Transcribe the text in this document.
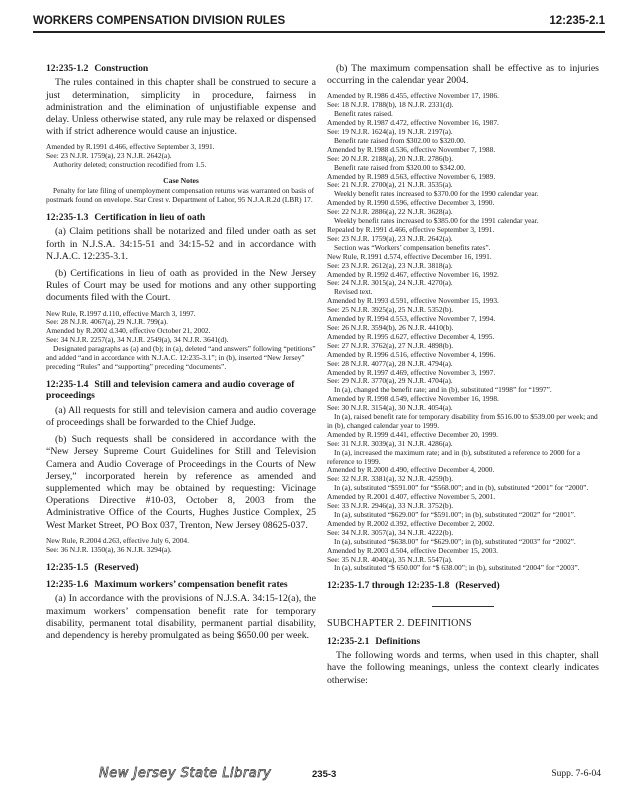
WORKERS COMPENSATION DIVISION RULES	12:235-2.1
12:235-1.2 Construction

The rules contained in this chapter shall be construed to secure a just determination, simplicity in procedure, fairness in administration and the elimination of unjustifiable expense and delay. Unless otherwise stated, any rule may be relaxed or dispensed with if strict adherence would cause an injustice.

Amended by R.1991 d.466, effective September 3, 1991.

See: 23 N.J.R. 1759(a), 23 N.J.R. 2642(a).

Authority deleted; construction recodified from 1.5.

Case Notes

Penalty for late filing of unemployment compensation returns was warranted on basis of postmark found on envelope. Star Crest v. Department of Labor, 95 N.J.A.R.2d (LBR) 17.

12:235-1.3 Certification in lieu of oath

(a) Claim petitions shall be notarized and filed under oath as set forth in N.J.S.A. 34:15-51 and 34:15-52 and in accordance with N.J.A.C. 12:235-3.1.

(b) Certifications in lieu of oath as provided in the New Jersey Rules of Court may be used for motions and any other supporting documents filed with the Court.

New Rule, R.1997 d.110, effective March 3, 1997.

See: 28 N.J.R. 4067(a), 29 N.J.R. 799(a).

Amended by R.2002 d.340, effective October 21, 2002.

See: 34 N.J.R. 2257(a), 34 N.J.R. 2549(a), 34 N.J.R. 3641(d).

Designated paragraphs as (a) and (b); in (a), deleted “and answers” following “petitions” and added “and in accordance with N.J.A.C. 12:235-3.1”; in (b), inserted “New Jersey” preceding “Rules” and “supporting” preceding “documents”.

12:235-1.4 Still and television camera and audio coverage of proceedings

(a) All requests for still and television camera and audio coverage of proceedings shall be forwarded to the Chief Judge.

(b) Such requests shall be considered in accordance with the “New Jersey Supreme Court Guidelines for Still and Television Camera and Audio Coverage of Proceedings in the Courts of New Jersey,” incorporated herein by reference as amended and supplemented which may be obtained by requesting: Vicinage Operations Directive #10-03, October 8, 2003 from the Administrative Office of the Courts, Hughes Justice Complex, 25 West Market Street, PO Box 037, Trenton, New Jersey 08625-037.

New Rule, R.2004 d.263, effective July 6, 2004.

See: 36 N.J.R. 1350(a), 36 N.J.R. 3294(a).

12:235-1.5 (Reserved)
12:235-1.6 Maximum workers’ compensation benefit rates

(a) In accordance with the provisions of N.J.S.A. 34:15-12(a), the maximum workers’ compensation benefit rate for temporary disability, permanent total disability, permanent partial disability, and dependency is hereby promulgated as being $650.00 per week.

(b) The maximum compensation shall be effective as to injuries occurring in the calendar year 2004.

Amended by R.1986 d.455, effective November 17, 1986.

See: 18 N.J.R. 1788(b), 18 N.J.R. 2331(d).

Benefit rates raised.

Amended by R.1987 d.472, effective November 16, 1987.

See: 19 N.J.R. 1624(a), 19 N.J.R. 2197(a).

Benefit rate raised from $302.00 to $320.00.

Amended by R.1988 d.536, effective November 7, 1988.

See: 20 N.J.R. 2188(a), 20 N.J.R. 2786(b).

Benefit rate raised from $320.00 to $342.00.

Amended by R.1989 d.563, effective November 6, 1989.

See: 21 N.J.R. 2700(a), 21 N.J.R. 3535(a).

Weekly benefit rates increased to $370.00 for the 1990 calendar year.

Amended by R.1990 d.596, effective December 3, 1990.

See: 22 N.J.R. 2886(a), 22 N.J.R. 3628(a).

Weekly benefit rates increased to $385.00 for the 1991 calendar year.

Repealed by R.1991 d.466, effective September 3, 1991.

See: 23 N.J.R. 1759(a), 23 N.J.R. 2642(a).

Section was “Workers’ compensation benefits rates”.

New Rule, R.1991 d.574, effective December 16, 1991.

See: 23 N.J.R. 2612(a), 23 N.J.R. 3818(a).

Amended by R.1992 d.467, effective November 16, 1992.

See: 24 N.J.R. 3015(a), 24 N.J.R. 4270(a).

Revised text.

Amended by R.1993 d.591, effective November 15, 1993.

See: 25 N.J.R. 3925(a), 25 N.J.R. 5352(b).

Amended by R.1994 d.553, effective November 7, 1994.

See: 26 N.J.R. 3594(b), 26 N.J.R. 4410(b).

Amended by R.1995 d.627, effective December 4, 1995.

See: 27 N.J.R. 3762(a), 27 N.J.R. 4898(b).

Amended by R.1996 d.516, effective November 4, 1996.

See: 28 N.J.R. 4077(a), 28 N.J.R. 4794(a).

Amended by R.1997 d.469, effective November 3, 1997.

See: 29 N.J.R. 3770(a), 29 N.J.R. 4704(a).

In (a), changed the benefit rate; and in (b), substituted “1998” for “1997”.

Amended by R.1998 d.549, effective November 16, 1998.

See: 30 N.J.R. 3154(a), 30 N.J.R. 4054(a).

In (a), raised benefit rate for temporary disability from $516.00 to $539.00 per week; and in (b), changed calendar year to 1999.

Amended by R.1999 d.441, effective December 20, 1999.

See: 31 N.J.R. 3039(a), 31 N.J.R. 4286(a).

In (a), increased the maximum rate; and in (b), substituted a reference to 2000 for a reference to 1999.

Amended by R.2000 d.490, effective December 4, 2000.

See: 32 N.J.R. 3381(a), 32 N.J.R. 4259(b).

In (a), substituted “$591.00” for “$568.00”; and in (b), substituted “2001” for “2000”.

Amended by R.2001 d.407, effective November 5, 2001.

See: 33 N.J.R. 2946(a), 33 N.J.R. 3752(b).

In (a), substituted “$629.00” for “$591.00”; in (b), substituted “2002” for “2001”.

Amended by R.2002 d.392, effective December 2, 2002.

See: 34 N.J.R. 3057(a), 34 N.J.R. 4222(b).

In (a), substituted “$638.00” for “$629.00”; in (b), substituted “2003” for “2002”.

Amended by R.2003 d.504, effective December 15, 2003.

See: 35 N.J.R. 4040(a), 35 N.J.R. 5547(a).

In (a), substituted “$ 650.00” for “$ 638.00”; in (b), substituted “2004” for “2003”.

12:235-1.7 through 12:235-1.8 (Reserved)
SUBCHAPTER 2. DEFINITIONS
12:235-2.1 Definitions

The following words and terms, when used in this chapter, shall have the following meanings, unless the context clearly indicates otherwise:

New Jersey State Library	235-3	Supp. 7-6-04
